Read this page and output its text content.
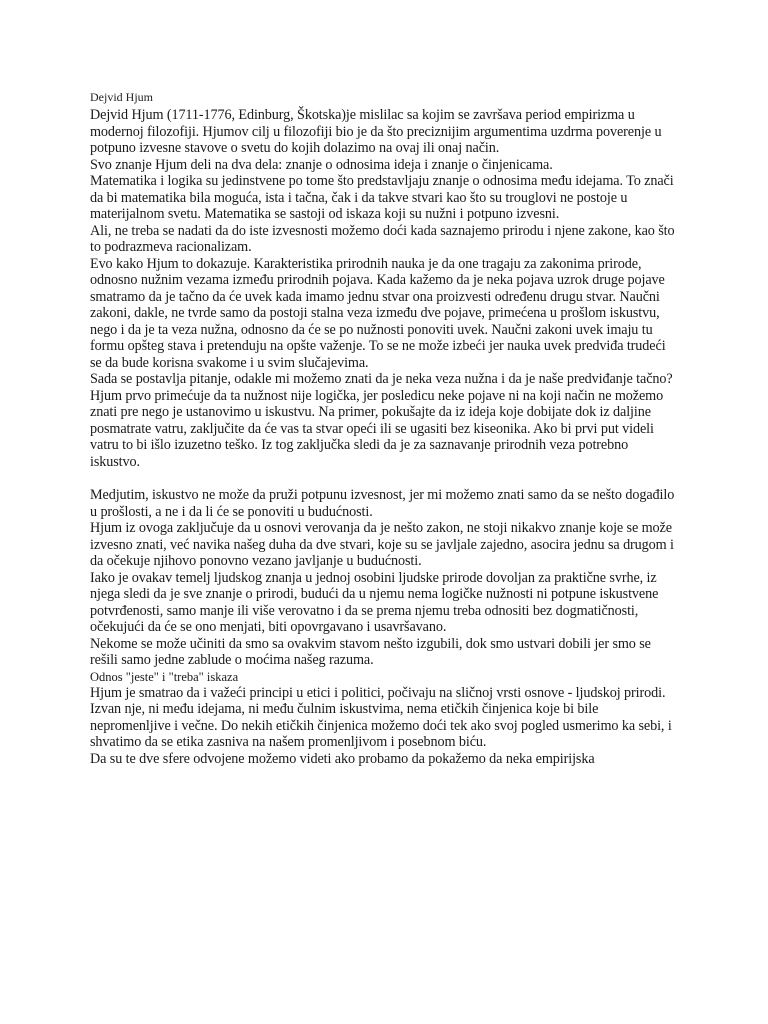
Dejvid Hjum

Dejvid Hjum (1711-1776, Edinburg, Škotska)je mislilac sa kojim se završava period empirizma u modernoj filozofiji. Hjumov cilj u filozofiji bio je da što preciznijim argumentima uzdrma poverenje u potpuno izvesne stavove o svetu do kojih dolazimo na ovaj ili onaj način.

Svo znanje Hjum deli na dva dela: znanje o odnosima ideja i znanje o činjenicama.

Matematika i logika su jedinstvene po tome što predstavljaju znanje o odnosima među idejama. To znači da bi matematika bila moguća, ista i tačna, čak i da takve stvari kao što su trouglovi ne postoje u materijalnom svetu. Matematika se sastoji od iskaza koji su nužni i potpuno izvesni.

Ali, ne treba se nadati da do iste izvesnosti možemo doći kada saznajemo prirodu i njene zakone, kao što to podrazmeva racionalizam.

Evo kako Hjum to dokazuje. Karakteristika prirodnih nauka je da one tragaju za zakonima prirode, odnosno nužnim vezama između prirodnih pojava. Kada kažemo da je neka pojava uzrok druge pojave smatramo da je tačno da će uvek kada imamo jednu stvar ona proizvesti određenu drugu stvar. Naučni zakoni, dakle, ne tvrde samo da postoji stalna veza između dve pojave, primećena u prošlom iskustvu, nego i da je ta veza nužna, odnosno da će se po nužnosti ponoviti uvek. Naučni zakoni uvek imaju tu formu opšteg stava i pretenduju na opšte važenje. To se ne može izbeći jer nauka uvek predviđa trudeći se da bude korisna svakome i u svim slučajevima.

Sada se postavlja pitanje, odakle mi možemo znati da je neka veza nužna i da je naše predviđanje tačno?

Hjum prvo primećuje da ta nužnost nije logička, jer posledicu neke pojave ni na koji način ne možemo znati pre nego je ustanovimo u iskustvu. Na primer, pokušajte da iz ideja koje dobijate dok iz daljine posmatrate vatru, zaključite da će vas ta stvar opeći ili se ugasiti bez kiseonika. Ako bi prvi put videli vatru to bi išlo izuzetno teško. Iz tog zaključka sledi da je za saznavanje prirodnih veza potrebno iskustvo.

Medjutim, iskustvo ne može da pruži potpunu izvesnost, jer mi možemo znati samo da se nešto događilo u prošlosti, a ne i da li će se ponoviti u budućnosti.

Hjum iz ovoga zaključuje da u osnovi verovanja da je nešto zakon, ne stoji nikakvo znanje koje se može izvesno znati, već navika našeg duha da dve stvari, koje su se javljale zajedno, asocira jednu sa drugom i da očekuje njihovo ponovno vezano javljanje u budućnosti.

Iako je ovakav temelj ljudskog znanja u jednoj osobini ljudske prirode dovoljan za praktične svrhe, iz njega sledi da je sve znanje o prirodi, budući da u njemu nema logičke nužnosti ni potpune iskustvene potvrđenosti, samo manje ili više verovatno i da se prema njemu treba odnositi bez dogmatičnosti, očekujući da će se ono menjati, biti opovrgavano i usavršavano.

Nekome se može učiniti da smo sa ovakvim stavom nešto izgubili, dok smo ustvari dobili jer smo se rešili samo jedne zablude o moćima našeg razuma.

Odnos "jeste" i "treba" iskaza

Hjum je smatrao da i važeći principi u etici i politici, počivaju na sličnoj vrsti osnove - ljudskoj prirodi. Izvan nje, ni među idejama, ni među čulnim iskustvima, nema etičkih činjenica koje bi bile nepromenljive i večne. Do nekih etičkih činjenica možemo doći tek ako svoj pogled usmerimo ka sebi, i shvatimo da se etika zasniva na našem promenljivom i posebnom biću.

Da su te dve sfere odvojene možemo videti ako probamo da pokažemo da neka empirijska
